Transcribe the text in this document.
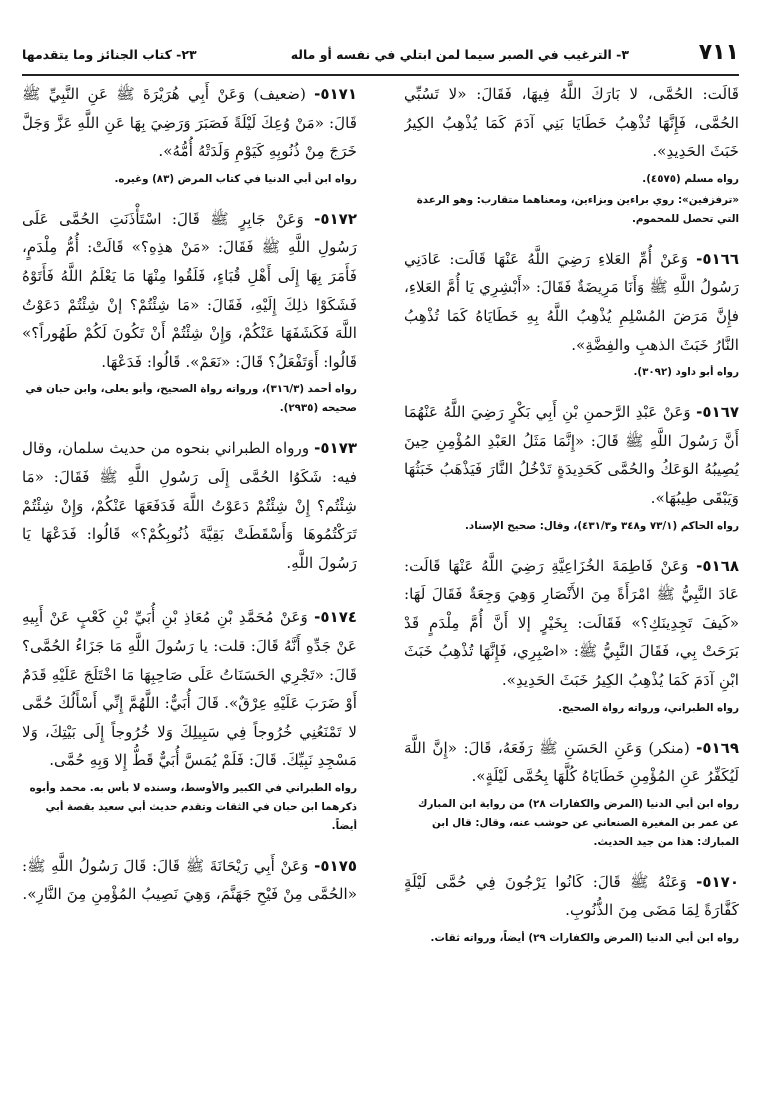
٧١١
٣- الترغيب في الصبر سيما لمن ابتلي في نفسه أو ماله
٢٣- كتاب الجنائز وما يتقدمها

قَالَت: الحُمَّى، لا بَارَكَ اللَّهُ فِيهَا، فَقَالَ: «لا تَسُبِّي الحُمَّى، فَإِنَّهَا تُذْهِبُ خَطَايَا بَنِي آدَمَ كَمَا يُذْهِبُ الكِيرُ خَبَثَ الحَدِيدِ».

رواه مسلم (٤٥٧٥).

«ترفزفين»: روي براءين وبزاءين، ومعناهما متقارب: وهو الرعدة التي تحصل للمحموم.

٥١٦٦- وَعَنْ أُمِّ العَلاءِ رَضِيَ اللَّهُ عَنْهَا قَالَت: عَادَنِي رَسُولُ اللَّهِ ﷺ وَأَنَا مَرِيضَةٌ فَقَالَ: «أَبْشِرِي يَا أُمَّ العَلاءِ، فإِنَّ مَرَضَ المُسْلِمِ يُذْهِبُ اللَّهُ بِهِ خَطَايَاهُ كَمَا تُذْهِبُ النَّارُ خَبَثَ الذهبِ والفِضَّةِ».

رواه أبو داود (٣٠٩٢).

٥١٦٧- وَعَنْ عَبْدِ الرَّحمنِ بْنِ أَبِي بَكْرٍ رَضِيَ اللَّهُ عَنْهُمَا أَنَّ رَسُولَ اللَّهِ ﷺ قَالَ: «إِنَّمَا مَثَلُ العَبْدِ المُؤْمِنِ حِينَ يُصِيبُهُ الوَعَكُ والحُمَّى كَحَدِيدَةٍ تَدْخُلُ النَّارَ فَيَذْهَبُ خَبَثُهَا وَيَبْقَى طِيبُهَا».

رواه الحاكم (٧٣/١ و٣٤٨ و٤٣١/٣)، وقال: صحيح الإسناد.

٥١٦٨- وَعَنْ فَاطِمَةَ الخُزَاعِيَّةِ رَضِيَ اللَّهُ عَنْهَا قَالَت: عَادَ النَّبِيُّ ﷺ امْرَأَةً مِنَ الأَنْصَارِ وَهِيَ وَجِعَةٌ فَقَالَ لَهَا: «كَيفَ تَجِدِينَكِ؟» فَقَالَت: بِخَيْرٍ إلا أَنَّ أُمَّ مِلْدَمٍ قَدْ بَرَحَتْ بِي، فَقَالَ النَّبِيُّ ﷺ: «اصْبِرِي، فَإِنَّهَا تُذْهِبُ خَبَثَ ابْنِ آدَمَ كَمَا يُذْهِبُ الكِيرُ خَبَثَ الحَدِيدِ».

رواه الطبراني، ورواته رواة الصحيح.

٥١٦٩- (منكر) وَعَنِ الحَسَنِ ﷺ رَفَعَهُ، قَالَ: «إِنَّ اللَّهَ لَيُكَفِّرُ عَنِ المُؤْمِنِ خَطَايَاهُ كُلَّهَا بِحُمَّى لَيْلَةٍ».

رواه ابن أبي الدنيا (المرض والكفارات ٢٨) من رواية ابن المبارك عن عمر بن المغيرة الصنعاني عن حوشب عنه، وقال: قال ابن المبارك: هذا من جيد الحديث.

٥١٧٠- وَعَنْهُ ﷺ قَالَ: كَانُوا يَرْجُونَ فِي حُمَّى لَيْلَةٍ كَفَّارَةً لِمَا مَضَى مِنَ الذُّنُوبِ.

رواه ابن أبي الدنيا (المرض والكفارات ٢٩) أيضاً، ورواته ثقات.

٥١٧١- (ضعيف) وَعَنْ أَبِي هُرَيْرَةَ ﷺ عَنِ النَّبِيِّ ﷺ قَالَ: «مَنْ وُعِكَ لَيْلَةً فَصَبَرَ وَرَضِيَ بِهَا عَنِ اللَّهِ عَزَّ وَجَلَّ خَرَجَ مِنْ ذُنُوبِهِ كَيَوْمِ وَلَدَتْهُ أُمُّهُ».

رواه ابن أبي الدنيا في كتاب المرض (٨٣) وغيره.

٥١٧٢- وَعَنْ جَابِرٍ ﷺ قَالَ: اسْتَأْذَنَتِ الحُمَّى عَلَى رَسُولِ اللَّهِ ﷺ فَقَالَ: «مَنْ هذِهِ؟» قَالَتْ: أُمُّ مِلْدَمٍ، فَأَمَرَ بِهَا إِلَى أَهْلِ قُبَاءٍ، فَلَقُوا مِنْهَا مَا يَعْلَمُ اللَّهُ فَأَتَوْهُ فَشَكَوْا ذلِكَ إِلَيْهِ، فَقَالَ: «مَا شِئْتُمْ؟ إنْ شِئْتُمْ دَعَوْتُ اللَّهَ فَكَشَفَهَا عَنْكُمْ، وَإِنْ شِئْتُمْ أَنْ تَكُونَ لَكُمْ طَهُوراً؟» قَالُوا: أَوَتَفْعَلُ؟ قَالَ: «نَعَمْ». قَالُوا: فَدَعْهَا.

رواه أحمد (٣١٦/٣)، ورواته رواة الصحيح، وأبو يعلى، وابن حبان في صحيحه (٢٩٣٥).

٥١٧٣- ورواه الطبراني بنحوه من حديث سلمان، وقال فيه: شَكَوُا الحُمَّى إِلَى رَسُولِ اللَّهِ ﷺ فَقَالَ: «مَا شِئْتُم؟ إِنْ شِئْتُمْ دَعَوْتُ اللَّهَ فَدَفَعَهَا عَنْكُمْ، وَإِنْ شِئْتُمْ تَرَكْتُمُوهَا وَأَسْقَطَتْ بَقِيَّةَ ذُنُوبِكُمْ؟» قَالُوا: فَدَعْهَا يَا رَسُولَ اللَّهِ.

٥١٧٤- وَعَنْ مُحَمَّدِ بْنِ مُعَاذِ بْنِ أُبَيِّ بْنِ كَعْبٍ عَنْ أَبِيهِ عَنْ جَدِّهِ أَنَّهُ قَالَ: قلت: يا رَسُولَ اللَّهِ مَا جَزَاءُ الحُمَّى؟ قَالَ: «تَجْرِي الحَسَنَاتُ عَلَى صَاحِبِهَا مَا اخْتَلَجَ عَلَيْهِ قَدَمٌ أَوْ ضَرَبَ عَلَيْهِ عِرْقٌ». قَالَ أُبَيٌّ: اللَّهُمَّ إِنِّي أَسْأَلُكَ حُمَّى لا تَمْنَعُنِي خُرُوجاً فِي سَبِيلِكَ وَلا خُرُوجاً إِلَى بَيْتِكَ، وَلا مَسْجِدِ نَبِيِّكَ. قَالَ: فَلَمْ يُمَسَّ أُبَيٌّ قَطُّ إِلا وَبِهِ حُمَّى.

رواه الطبراني في الكبير والأوسط، وسنده لا بأس به. محمد وأبوه ذكرهما ابن حبان في الثقات وتقدم حديث أبي سعيد بقصة أبي أيضاً.

٥١٧٥- وَعَنْ أَبِي رَيْحَانَةَ ﷺ قَالَ: قَالَ رَسُولُ اللَّهِ ﷺ: «الحُمَّى مِنْ فَيْحِ جَهَنَّمَ، وَهِيَ نَصِيبُ المُؤْمِنِ مِنَ النَّارِ».
